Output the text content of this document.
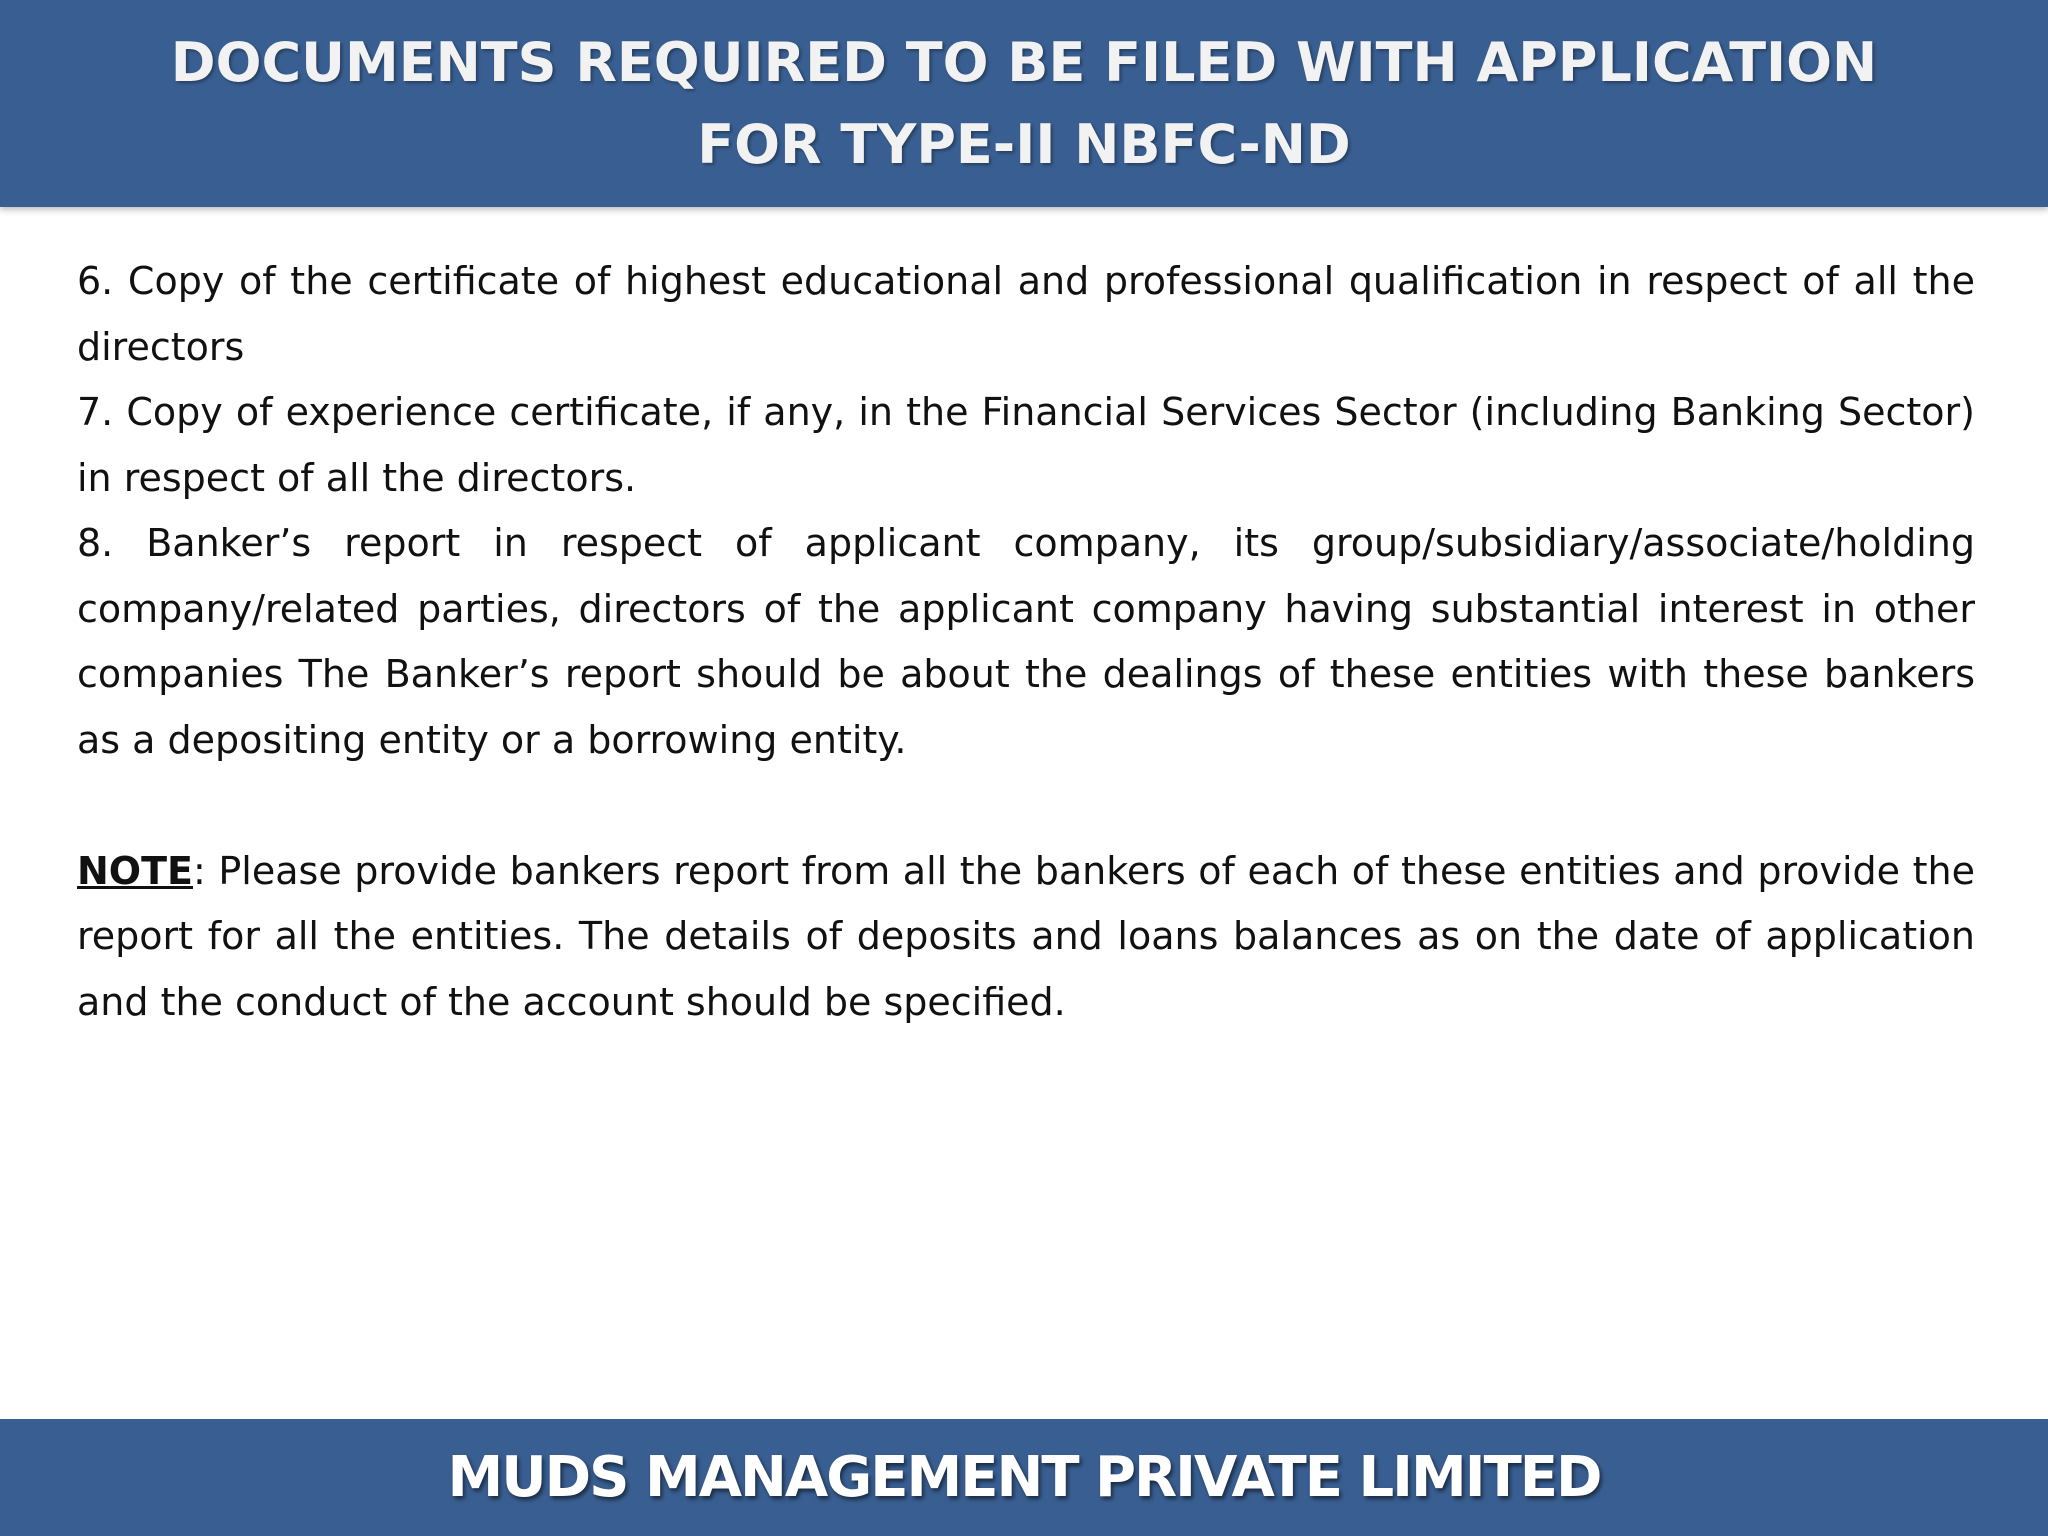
DOCUMENTS REQUIRED TO BE FILED WITH APPLICATION
FOR TYPE-II NBFC-ND

6. Copy of the certificate of highest educational and professional qualification in respect of all the directors

7. Copy of experience certificate, if any, in the Financial Services Sector (including Banking Sector) in respect of all the directors.

8. Banker’s report in respect of applicant company, its group/subsidiary/associate/holding company/related parties, directors of the applicant company having substantial interest in other companies The Banker’s report should be about the dealings of these entities with these bankers as a depositing entity or a borrowing entity.

NOTE: Please provide bankers report from all the bankers of each of these entities and provide the report for all the entities. The details of deposits and loans balances as on the date of application and the conduct of the account should be specified.

MUDS MANAGEMENT PRIVATE LIMITED
